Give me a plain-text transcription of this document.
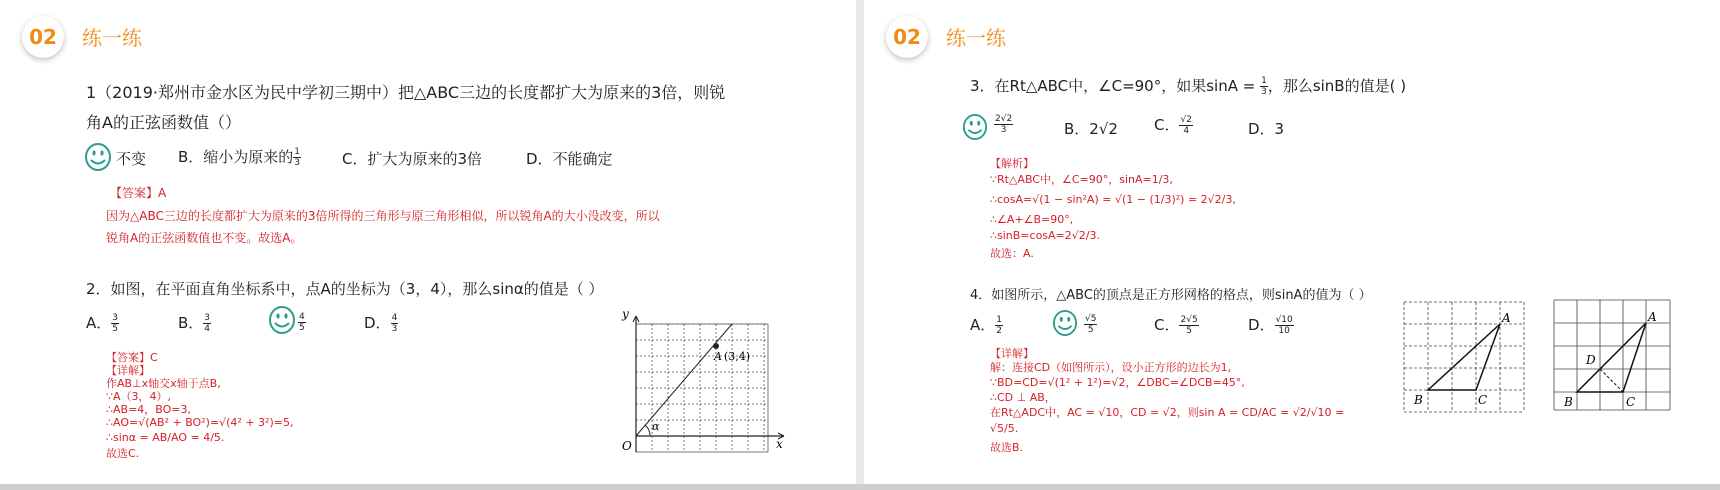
02	练一练
1（2019·郑州市金水区为民中学初三期中）把△ABC三边的长度都扩大为原来的3倍，则锐
角A的正弦函数值（）
不变 B．缩小为原来的 $\frac{1}{3}$	C．扩大为原来的3倍	D．不能确定
【答案】A
因为△ABC三边的长度都扩大为原来的3倍所得的三角形与原三角形相似，所以锐角A的大小没改变，所以
锐角A的正弦函数值也不变。故选A。
2．如图，在平面直角坐标系中，点A的坐标为（3，4），那么sinα的值是（ ）
A． $\frac{3}{5}$	B． $\frac{3}{4}$	$\frac{4}{5}$	D． $\frac{4}{3}$
【答案】C
【详解】
作AB⊥x轴交x轴于点B,
∵A（3，4）,
∴AB=4，BO=3,
∴AO=√(AB² + BO²)=√(4² + 3²)=5,
∴sinα = AB/AO = 4/5.
故选C.
y
x
O
A (3,4)
α
02	练一练
3．在Rt△ABC中，∠C=90°，如果$\sin A = \frac{1}{3}$ ，那么sinB的值是( )
$\frac{2√2}{3}$	B．2√2 C． $\frac{√2}{4}$	D．3
【解析】
∵Rt△ABC中，∠C=90°，sinA=1/3,
∴cosA=√(1 − sin²A) = √(1 − (1/3)²) = 2√2/3,
∴∠A+∠B=90°,
∴sinB=cosA=2√2/3.
故选：A.
4．如图所示，△ABC的顶点是正方形网格的格点，则sinA的值为（ ）
A． $\frac{1}{2}$	$\frac{√5}{5}$	C． $\frac{2√5}{5}$	D． $\frac{√10}{10}$
【详解】
解：连接CD（如图所示），设小正方形的边长为1,
∵BD=CD=√(1² + 1²)=√2，∠DBC=∠DCB=45°,
∴CD ⊥ AB，
在Rt△ADC中，AC = √10，CD = √2，则sin A = CD/AC = √2/√10 =
√5/5.
故选B.
A
B	C
A
B	C
D
